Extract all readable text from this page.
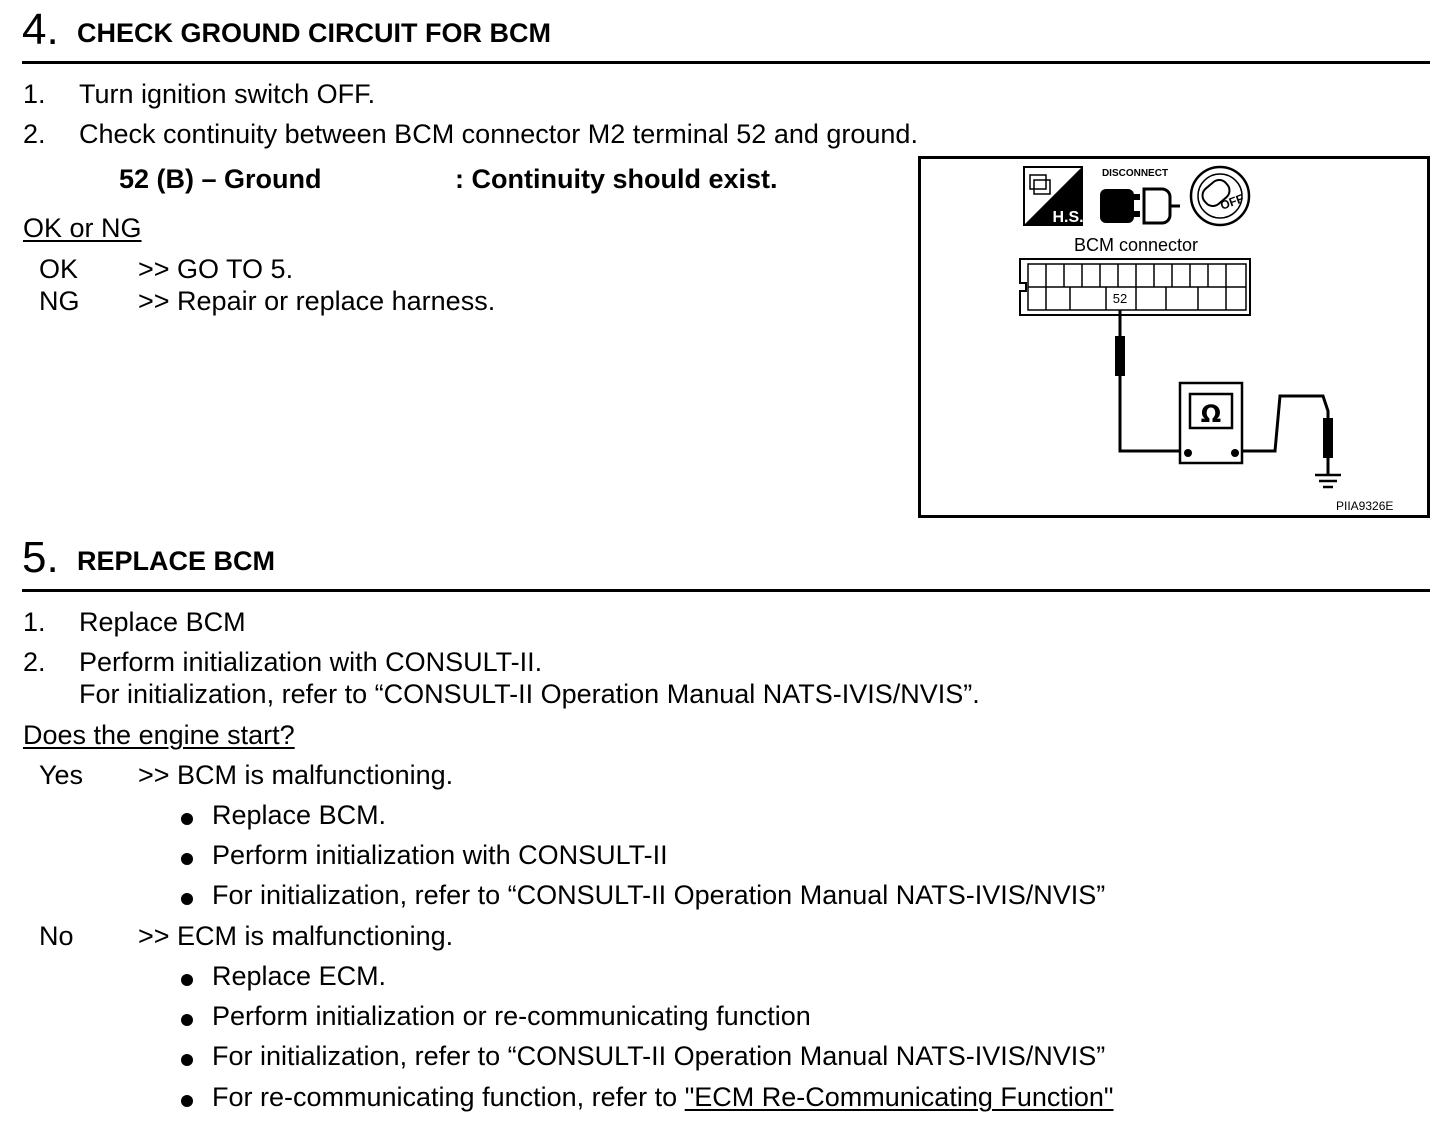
4. CHECK GROUND CIRCUIT FOR BCM
1. Turn ignition switch OFF.
2. Check continuity between BCM connector M2 terminal 52 and ground.
52 (B) – Ground	: Continuity should exist.
OK or NG
OK >> GO TO 5.
NG >> Repair or replace harness.
H.S.
DISCONNECT
OFF
BCM connector
52
Ω
PIIA9326E
5. REPLACE BCM
1. Replace BCM
2. Perform initialization with CONSULT-II.
For initialization, refer to “CONSULT-II Operation Manual NATS-IVIS/NVIS”.
Does the engine start?
Yes >> BCM is malfunctioning.
Replace BCM.
Perform initialization with CONSULT-II
For initialization, refer to “CONSULT-II Operation Manual NATS-IVIS/NVIS”
No >> ECM is malfunctioning.
Replace ECM.
Perform initialization or re-communicating function
For initialization, refer to “CONSULT-II Operation Manual NATS-IVIS/NVIS”
For re-communicating function, refer to "ECM Re-Communicating Function"
